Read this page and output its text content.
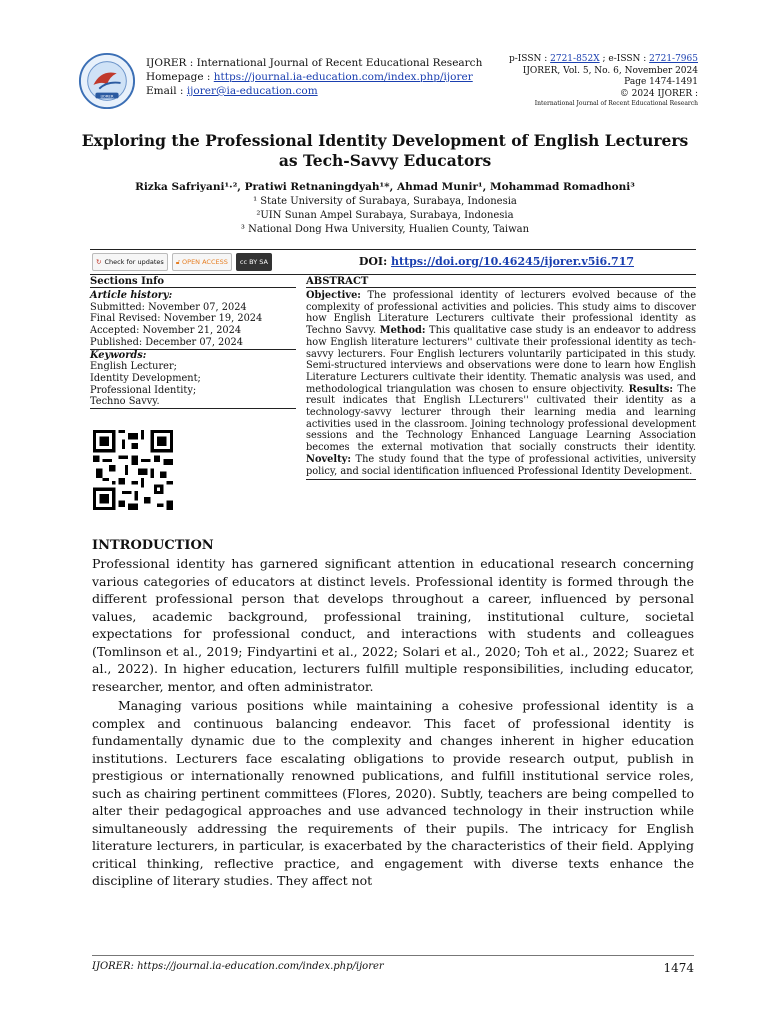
IJORER
IJORER : International Journal of Recent Educational Research
Homepage : https://journal.ia-education.com/index.php/ijorer
Email : ijorer@ia-education.com
p-ISSN : 2721-852X ; e-ISSN : 2721-7965
IJORER, Vol. 5, No. 6, November 2024
Page 1474-1491
© 2024 IJORER :
International Journal of Recent Educational Research
Exploring the Professional Identity Development of English Lecturers as Tech-Savvy Educators
Rizka Safriyani¹·², Pratiwi Retnaningdyah¹*, Ahmad Munir¹, Mohammad Romadhoni³
¹ State University of Surabaya, Surabaya, Indonesia
²UIN Sunan Ampel Surabaya, Surabaya, Indonesia
³ National Dong Hwa University, Hualien County, Taiwan
↻ Check for updates 🔓︎ OPEN ACCESS cc BY SA	DOI: https://doi.org/10.46245/ijorer.v5i6.717
Sections Info	ABSTRACT
Article history:
Submitted: November 07, 2024
Final Revised: November 19, 2024
Accepted: November 21, 2024
Published: December 07, 2024
Keywords:
English Lecturer;
Identity Development;
Professional Identity;
Techno Savvy.
Objective: The professional identity of lecturers evolved because of the complexity of professional activities and policies. This study aims to discover how English Literature Lecturers cultivate their professional identity as Techno Savvy. Method: This qualitative case study is an endeavor to address how English literature lecturers'' cultivate their professional identity as tech-savvy lecturers. Four English lecturers voluntarily participated in this study. Semi-structured interviews and observations were done to learn how English Literature Lecturers cultivate their identity. Thematic analysis was used, and methodological triangulation was chosen to ensure objectivity. Results: The result indicates that English LLecturers'' cultivated their identity as a technology-savvy lecturer through their learning media and learning activities used in the classroom. Joining technology professional development sessions and the Technology Enhanced Language Learning Association becomes the external motivation that socially constructs their identity. Novelty: The study found that the type of professional activities, university policy, and social identification influenced Professional Identity Development.
INTRODUCTION

Professional identity has garnered significant attention in educational research concerning various categories of educators at distinct levels. Professional identity is formed through the different professional person that develops throughout a career, influenced by personal values, academic background, professional training, institutional culture, societal expectations for professional conduct, and interactions with students and colleagues (Tomlinson et al., 2019; Findyartini et al., 2022; Solari et al., 2020; Toh et al., 2022; Suarez et al., 2022). In higher education, lecturers fulfill multiple responsibilities, including educator, researcher, mentor, and often administrator.

Managing various positions while maintaining a cohesive professional identity is a complex and continuous balancing endeavor. This facet of professional identity is fundamentally dynamic due to the complexity and changes inherent in higher education institutions. Lecturers face escalating obligations to provide research output, publish in prestigious or internationally renowned publications, and fulfill institutional service roles, such as chairing pertinent committees (Flores, 2020). Subtly, teachers are being compelled to alter their pedagogical approaches and use advanced technology in their instruction while simultaneously addressing the requirements of their pupils. The intricacy for English literature lecturers, in particular, is exacerbated by the characteristics of their field. Applying critical thinking, reflective practice, and engagement with diverse texts enhance the discipline of literary studies. They affect not

IJORER: https://journal.ia-education.com/index.php/ijorer	1474
